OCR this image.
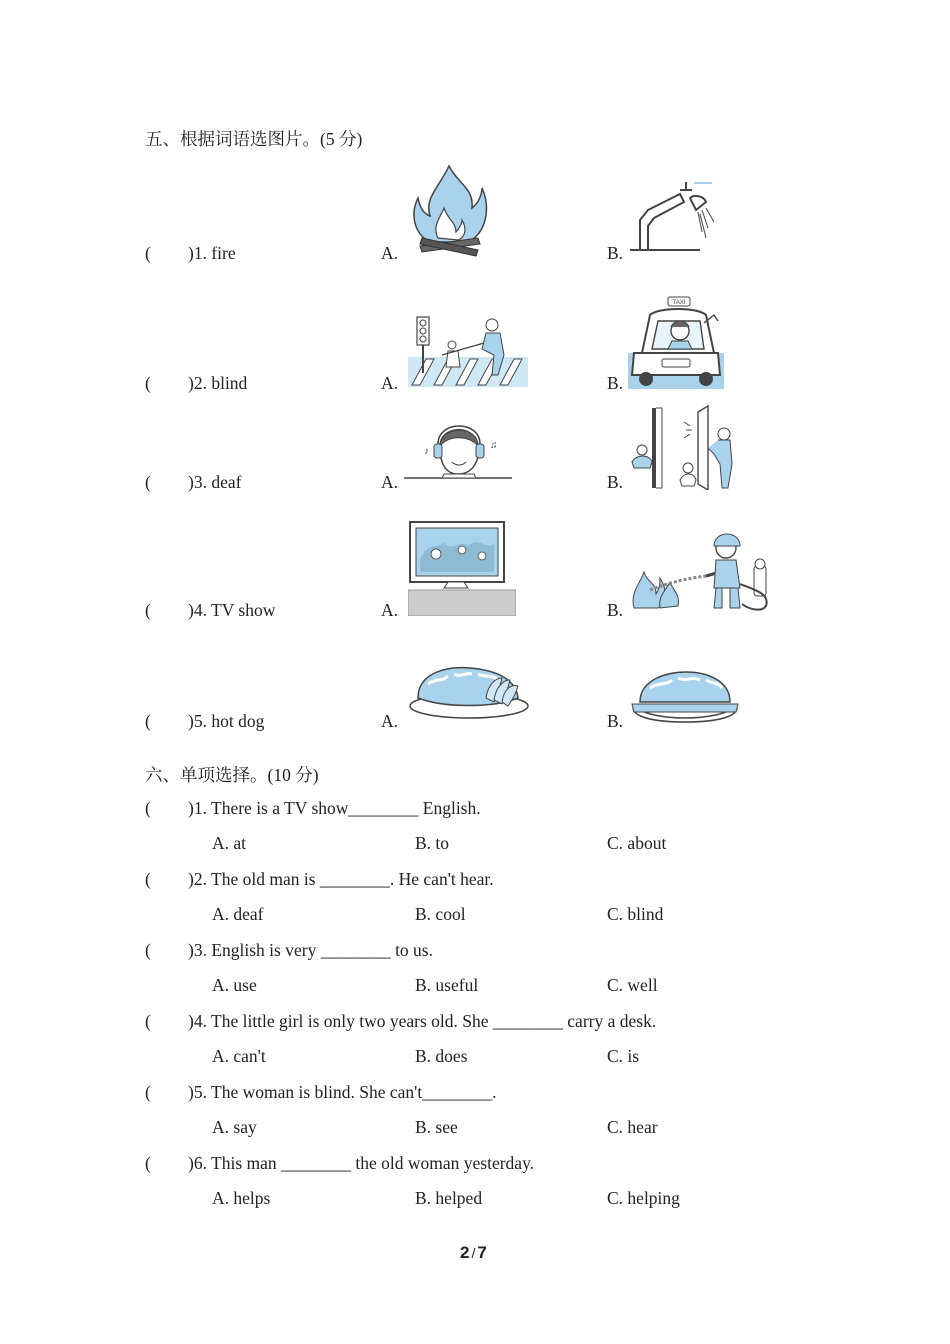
五、根据词语选图片。(5 分)
( )1. fire	A.	B.
( )2. blind	A.	B.
TAXI
( )3. deaf	A.	B.
♪
♫
( )4. TV show	A.	B.
( )5. hot dog	A.	B.
六、单项选择。(10 分)
( )1. There is a TV show________ English.
A. at	B. to	C. about
( )2. The old man is ________. He can't hear.
A. deaf	B. cool	C. blind
( )3. English is very ________ to us.
A. use	B. useful	C. well
( )4. The little girl is only two years old. She ________ carry a desk.
A. can't	B. does	C. is
( )5. The woman is blind. She can't________.
A. say	B. see	C. hear
( )6. This man ________ the old woman yesterday.
A. helps	B. helped	C. helping
2 / 7
